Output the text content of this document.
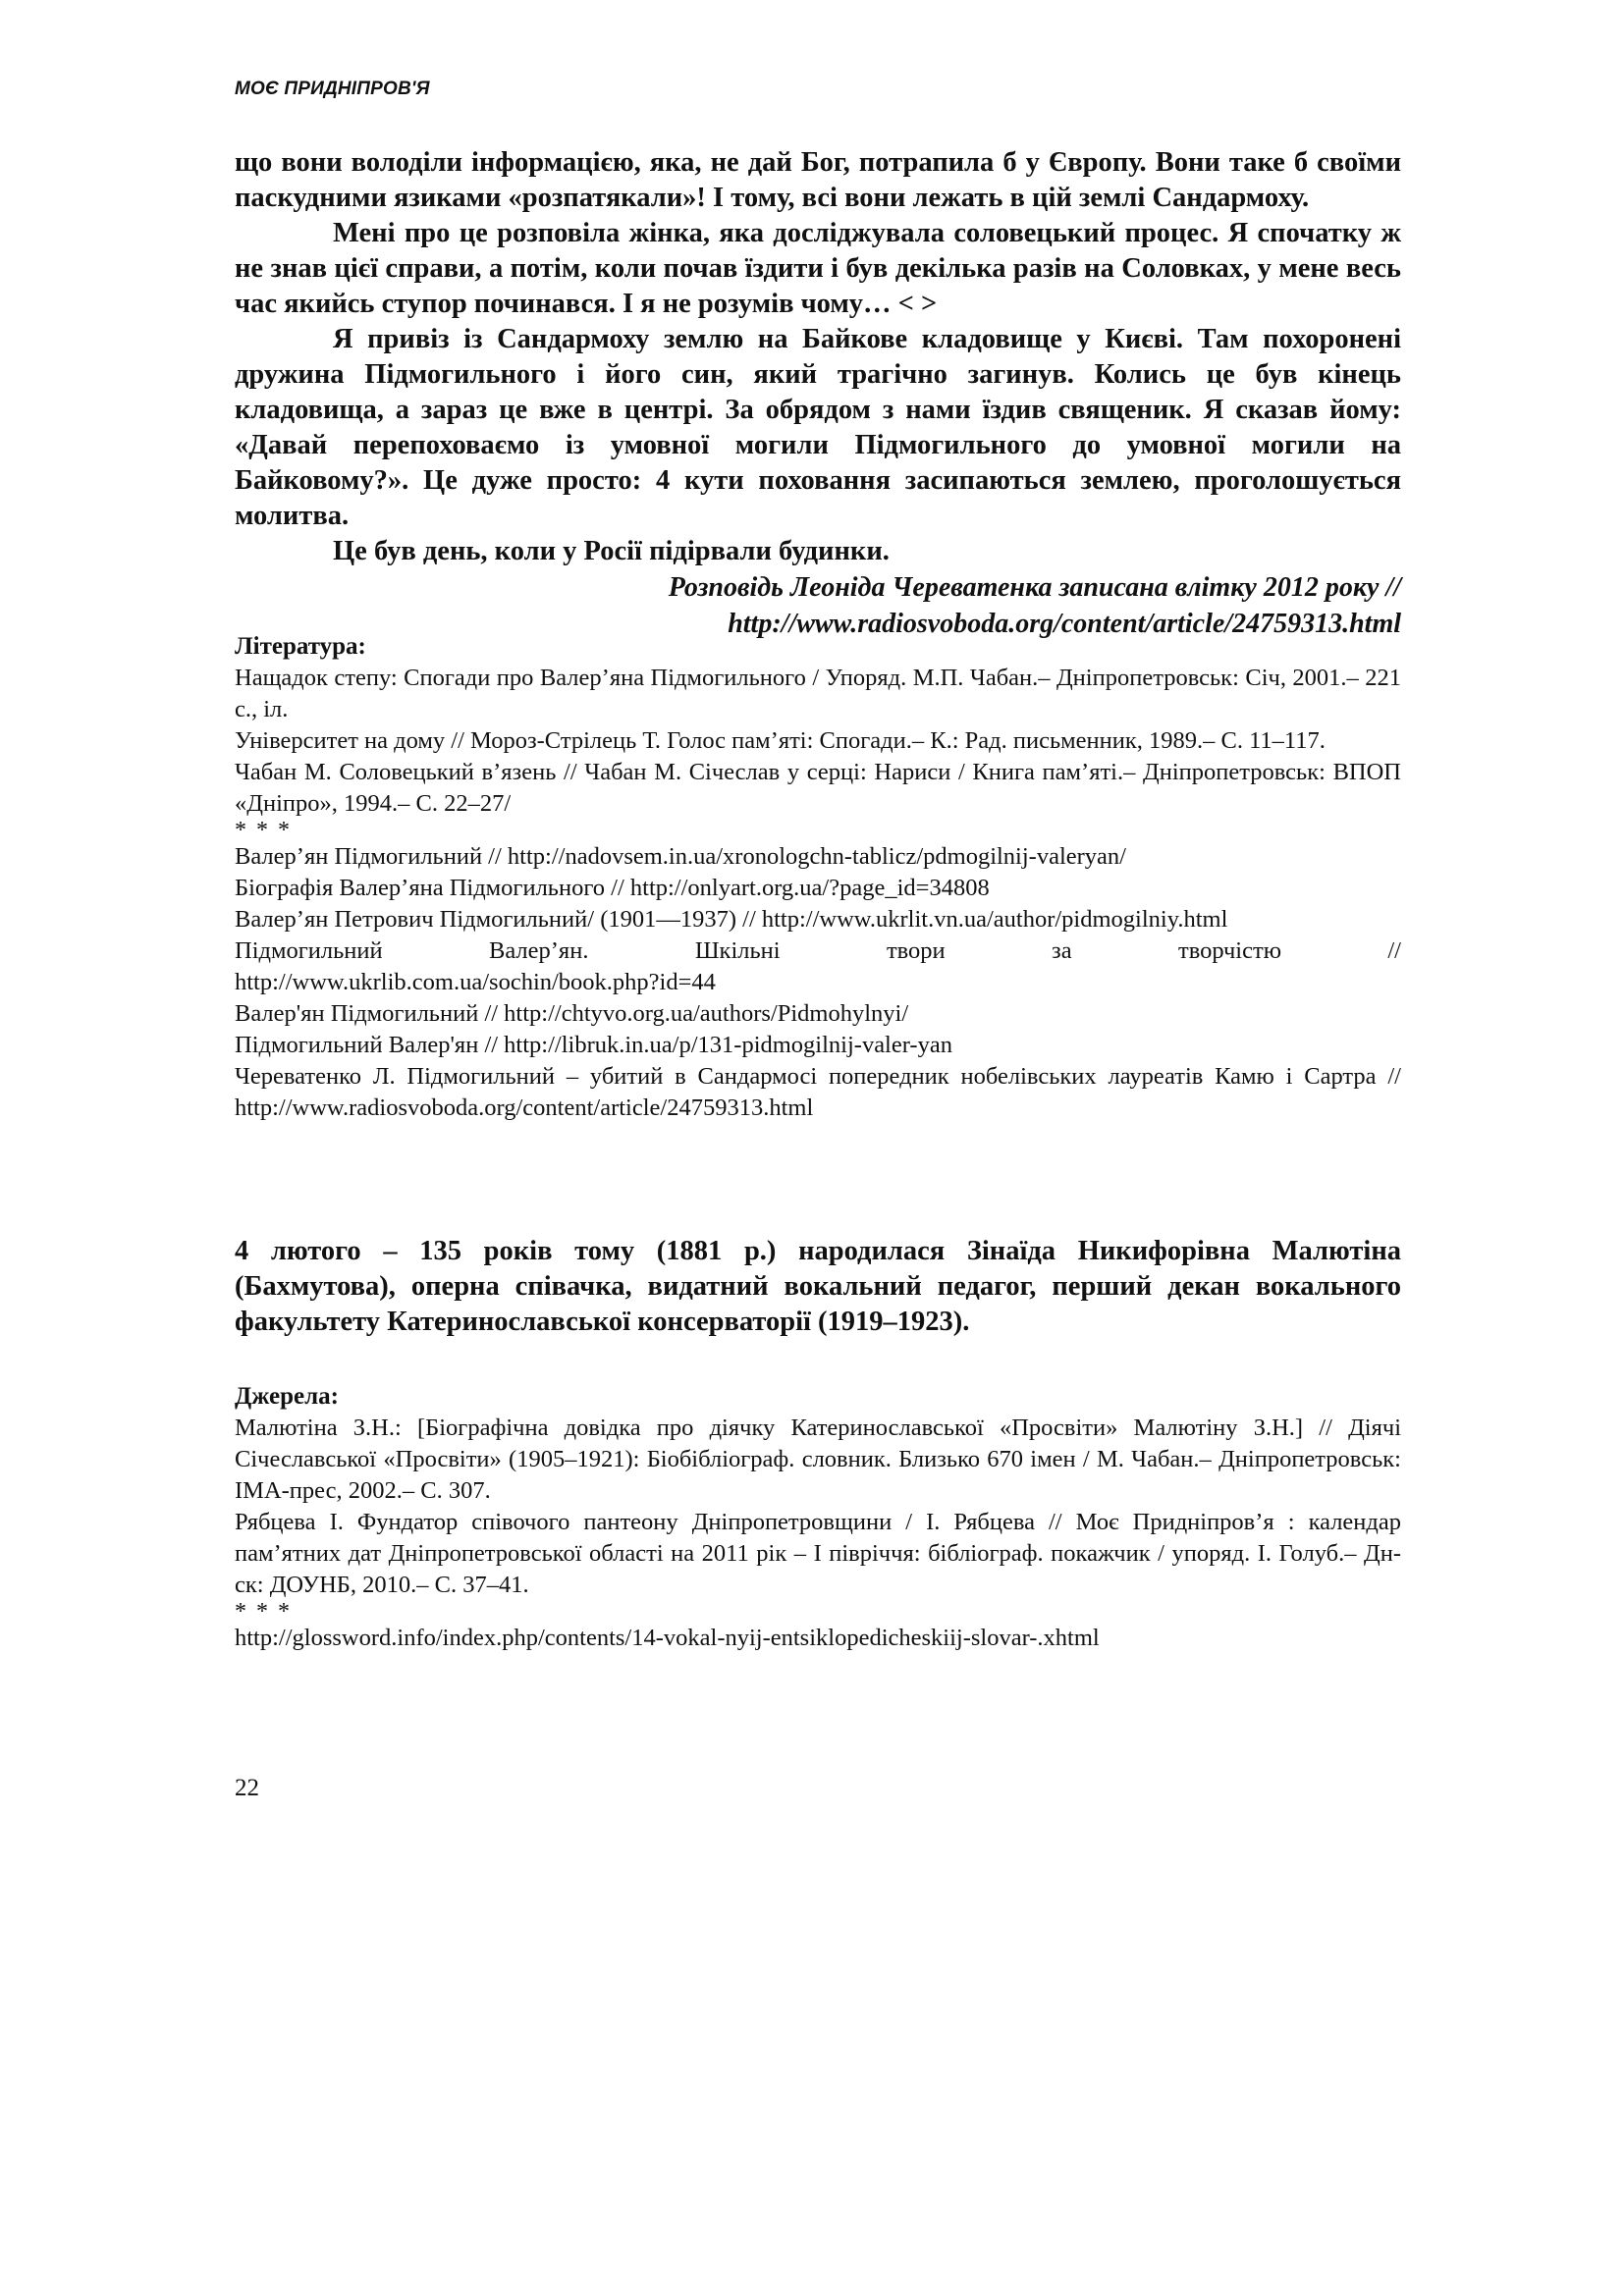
МОЄ ПРИДНІПРОВ'Я

що вони володіли інформацією, яка, не дай Бог, потрапила б у Європу. Вони таке б своїми паскудними язиками «розпатякали»! І тому, всі вони лежать в цій землі Сандармоху.

Мені про це розповіла жінка, яка досліджувала соловецький процес. Я спочатку ж не знав цієї справи, а потім, коли почав їздити і був декілька разів на Соловках, у мене весь час якийсь ступор починався. І я не розумів чому… < >

Я привіз із Сандармоху землю на Байкове кладовище у Києві. Там похоронені дружина Підмогильного і його син, який трагічно загинув. Колись це був кінець кладовища, а зараз це вже в центрі. За обрядом з нами їздив священик. Я сказав йому: «Давай перепоховаємо із умовної могили Підмогильного до умовної могили на Байковому?». Це дуже просто: 4 кути поховання засипаються землею, проголошується молитва.

Це був день, коли у Росії підірвали будинки.

Розповідь Леоніда Череватенка записана влітку 2012 року //

http://www.radiosvoboda.org/content/article/24759313.html

Література:

Нащадок степу: Спогади про Валер’яна Підмогильного / Упоряд. М.П. Чабан.– Дніпропетровськ: Січ, 2001.– 221 с., іл.

Університет на дому // Мороз-Стрілець Т. Голос пам’яті: Спогади.– К.: Рад. письменник, 1989.– С. 11–117.

Чабан М. Соловецький в’язень // Чабан М. Січеслав у серці: Нариси / Книга пам’яті.– Дніпропетровськ: ВПОП «Дніпро», 1994.– С. 22–27/

* * *

Валер’ян Підмогильний // http://nadovsem.in.ua/xronologchn-tablicz/pdmogilnij-valeryan/

Біографія Валер’яна Підмогильного // http://onlyart.org.ua/?page_id=34808

Валер’ян Петрович Підмогильний/ (1901—1937) // http://www.ukrlit.vn.ua/author/pidmogilniy.html

Підмогильний Валер’ян. Шкільні твори за творчістю //

http://www.ukrlib.com.ua/sochin/book.php?id=44

Валер'ян Підмогильний // http://chtyvo.org.ua/authors/Pidmohylnyi/

Підмогильний Валер'ян // http://libruk.in.ua/p/131-pidmogilnij-valer-yan

Череватенко Л. Підмогильний – убитий в Сандармосі попередник нобелівських лауреатів Камю і Сартра // http://www.radiosvoboda.org/content/article/24759313.html

4 лютого – 135 років тому (1881 р.) народилася Зінаїда Никифорівна Малютіна (Бахмутова), оперна співачка, видатний вокальний педагог, перший декан вокального факультету Катеринославської консерваторії (1919–1923).

Джерела:

Малютіна З.Н.: [Біографічна довідка про діячку Катеринославської «Просвіти» Малютіну З.Н.] // Діячі Січеславської «Просвіти» (1905–1921): Біобібліограф. словник. Близько 670 імен / М. Чабан.– Дніпропетровськ: ІМА-прес, 2002.– С. 307.

Рябцева І. Фундатор співочого пантеону Дніпропетровщини / І. Рябцева // Моє Придніпров’я : календар пам’ятних дат Дніпропетровської області на 2011 рік – І півріччя: бібліограф. покажчик / упоряд. І. Голуб.– Дн-ск: ДОУНБ, 2010.– С. 37–41.

* * *

http://glossword.info/index.php/contents/14-vokal-nyij-entsiklopedicheskiij-slovar-.xhtml

22
